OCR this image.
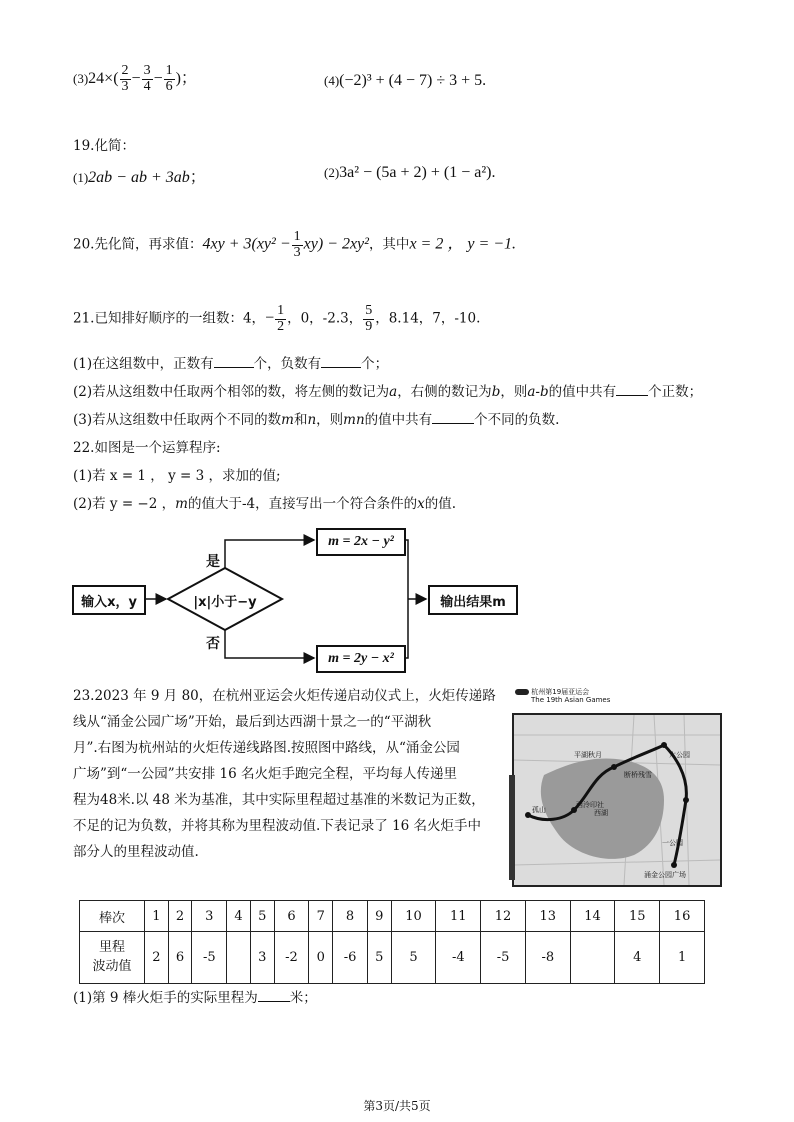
$(3)24\times( \frac{2}{3} - \frac{3}{4} - \frac{1}{6}$ )；	(4)(−2)³ + (4 − 7) ÷ 3 + 5.
19.化简：
(1)2ab − ab + 3ab；	(2)3a² − (5a + 2) + (1 − a²).
20.先化简，再求值：$4xy + 3(xy^2 - \frac{1}{3} xy) - 2xy^2$，其中x = 2 ， y = −1.
21.已知排好顺序的一组数：4，− $\frac{1}{2}$ ，0，-2.3， $\frac{5}{9}$ ，8.14，7，-10.
(1)在这组数中，正数有	个，负数有	个；
(2)若从这组数中任取两个相邻的数，将左侧的数记为a，右侧的数记为b，则a-b的值中共有 个正数；
(3)若从这组数中任取两个不同的数m和n，则mn的值中共有	个不同的负数.
22.如图是一个运算程序:
(1)若 x = 1 ， y = 3 ，求加的值;
(2)若 y = −2 ，m的值大于-4，直接写出一个符合条件的x的值.
输入x，y	|x|小于−y
是
否
m = 2x − y²
m = 2y − x²
输出结果m
23.2023 年 9 月 80，在杭州亚运会火炬传递启动仪式上，火炬传递路
线从“涌金公园广场”开始，最后到达西湖十景之一的“平湖秋
月”.右图为杭州站的火炬传递线路图.按照图中路线，从“涌金公园
广场”到“一公园”共安排 16 名火炬手跑完全程，平均每人传递里
程为48米.以 48 米为基准，其中实际里程超过基准的米数记为正数，
不足的记为负数，并将其称为里程波动值.下表记录了 16 名火炬手中
部分人的里程波动值.
杭州第19届亚运会
The 19th Asian Games
孤山
西泠印社
平湖秋月
一公园
六公园
涌金公园广场
西湖
断桥残雪
棒次	1	2	3	4	5	6	7	8	9	10	11	12	13	14	15	16
里程
波动值	2	6	-5		3	-2	0	-6	5	5	-4	-5	-8		4	1
(1)第 9 棒火炬手的实际里程为 米；
第3页/共5页
